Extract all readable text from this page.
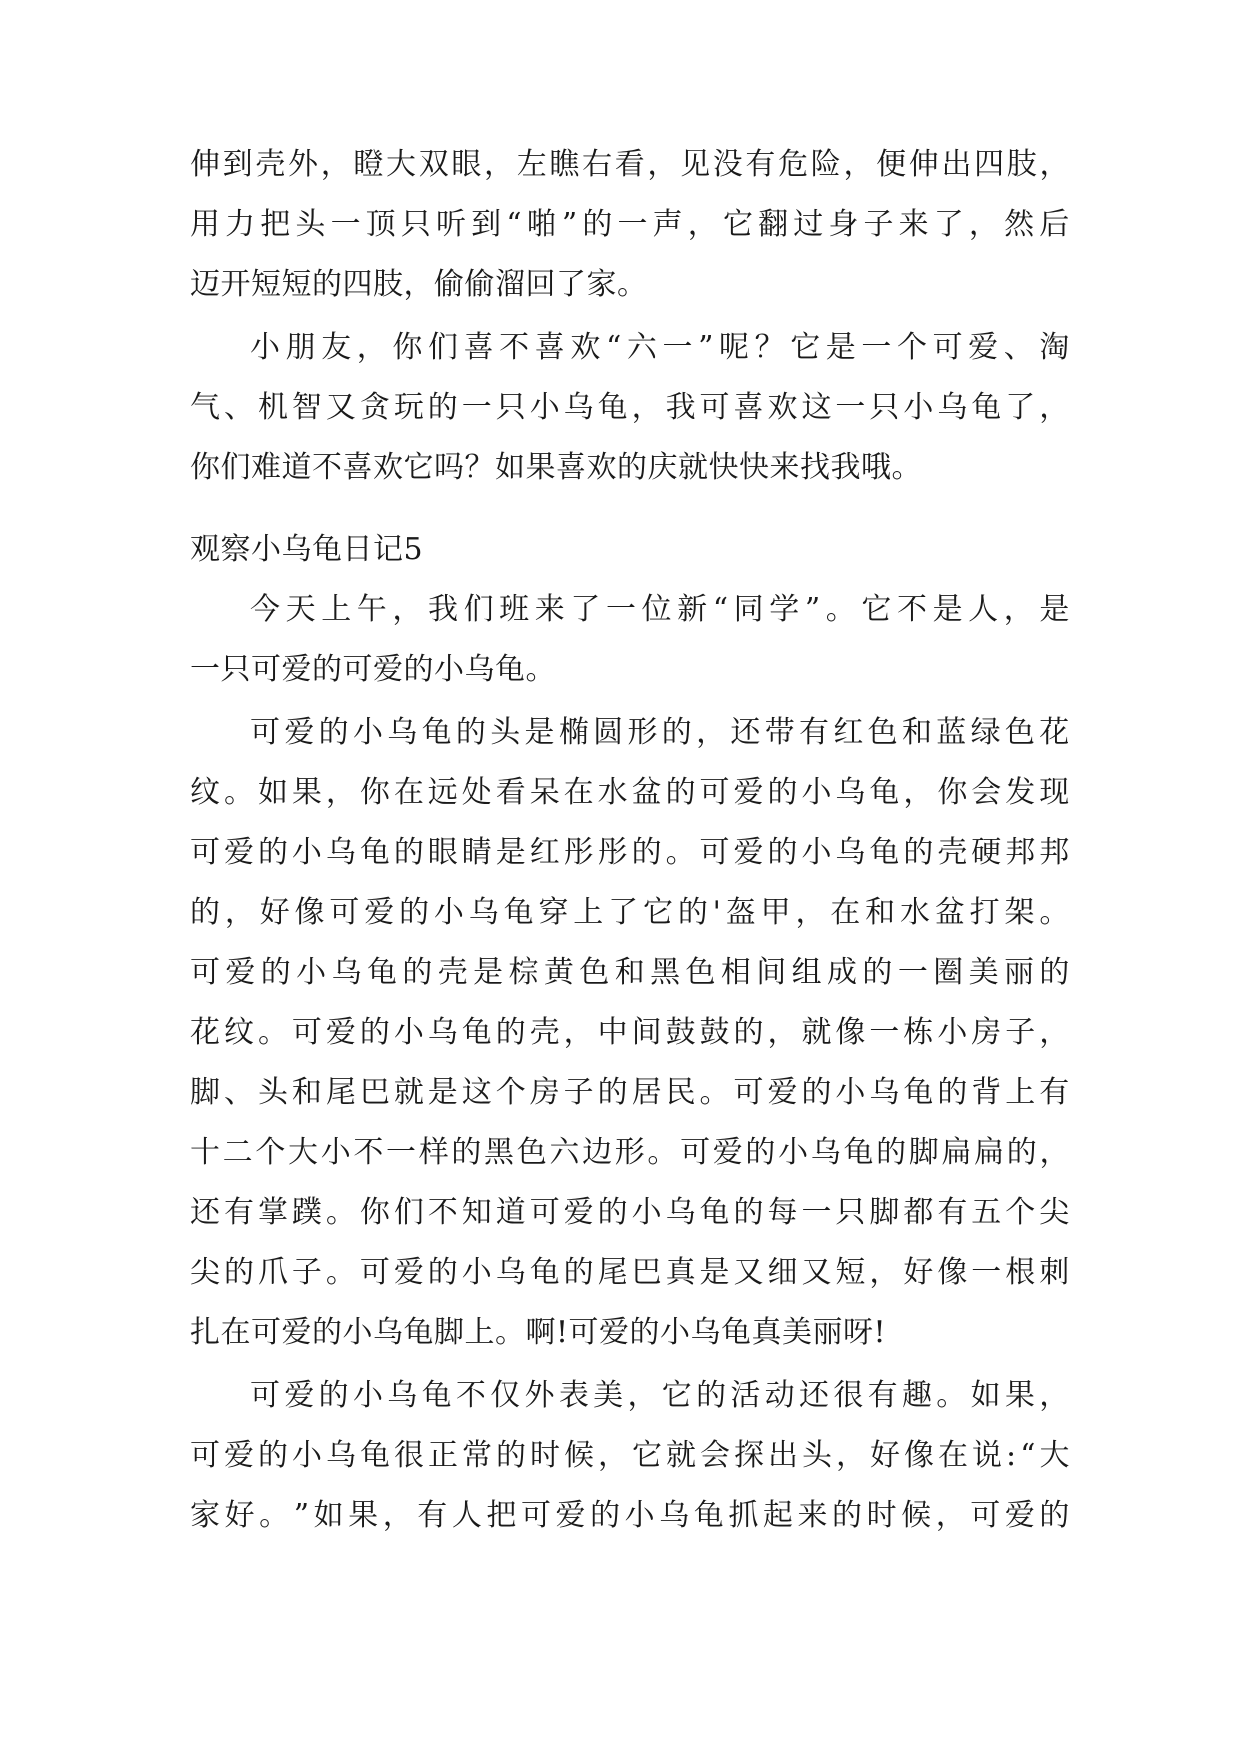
伸 到 壳 外 ， 瞪 大 双 眼 ， 左 瞧 右 看 ， 见 没 有 危 险 ， 便 伸 出 四 肢 ，
用 力 把 头 一 顶 只 听 到 “ 啪 ” 的 一 声 ， 它 翻 过 身 子 来 了 ， 然 后
迈开短短的四肢，偷偷溜回了家。
小 朋 友 ， 你 们 喜 不 喜 欢 “ 六 一 ” 呢 ？ 它 是 一 个 可 爱 、 淘
气 、 机 智 又 贪 玩 的 一 只 小 乌 龟 ， 我 可 喜 欢 这 一 只 小 乌 龟 了 ，
你们难道不喜欢它吗？如果喜欢的庆就快快来找我哦。
观察小乌龟日记5
今 天 上 午 ， 我 们 班 来 了 一 位 新 “ 同 学 ” 。 它 不 是 人 ， 是
一只可爱的可爱的小乌龟。
可 爱 的 小 乌 龟 的 头 是 椭 圆 形 的 ， 还 带 有 红 色 和 蓝 绿 色 花
纹 。 如 果 ， 你 在 远 处 看 呆 在 水 盆 的 可 爱 的 小 乌 龟 ， 你 会 发 现
可 爱 的 小 乌 龟 的 眼 睛 是 红 彤 彤 的 。 可 爱 的 小 乌 龟 的 壳 硬 邦 邦
的 ， 好 像 可 爱 的 小 乌 龟 穿 上 了 它 的 ' 盔 甲 ， 在 和 水 盆 打 架 。
可 爱 的 小 乌 龟 的 壳 是 棕 黄 色 和 黑 色 相 间 组 成 的 一 圈 美 丽 的
花 纹 。 可 爱 的 小 乌 龟 的 壳 ， 中 间 鼓 鼓 的 ， 就 像 一 栋 小 房 子 ，
脚 、 头 和 尾 巴 就 是 这 个 房 子 的 居 民 。 可 爱 的 小 乌 龟 的 背 上 有
十 二 个 大 小 不 一 样 的 黑 色 六 边 形 。 可 爱 的 小 乌 龟 的 脚 扁 扁 的 ，
还 有 掌 蹼 。 你 们 不 知 道 可 爱 的 小 乌 龟 的 每 一 只 脚 都 有 五 个 尖
尖 的 爪 子 。 可 爱 的 小 乌 龟 的 尾 巴 真 是 又 细 又 短 ， 好 像 一 根 刺
扎在可爱的小乌龟脚上。啊!可爱的小乌龟真美丽呀!
可 爱 的 小 乌 龟 不 仅 外 表 美 ， 它 的 活 动 还 很 有 趣 。 如 果 ，
可 爱 的 小 乌 龟 很 正 常 的 时 候 ， 它 就 会 探 出 头 ， 好 像 在 说 : “ 大
家 好 。 ” 如 果 ， 有 人 把 可 爱 的 小 乌 龟 抓 起 来 的 时 候 ， 可 爱 的
